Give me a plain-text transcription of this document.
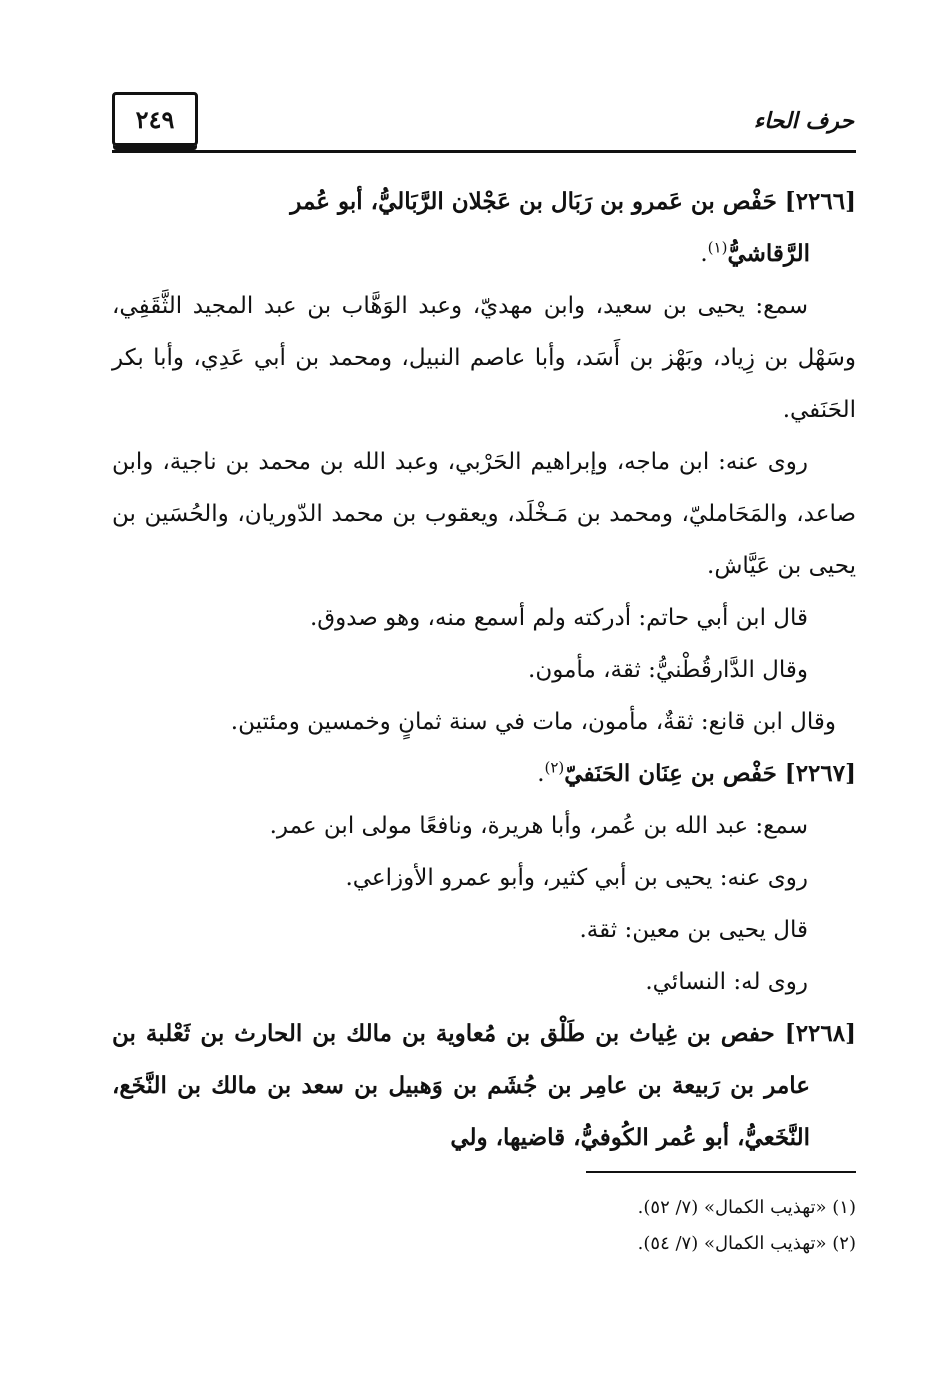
٢٤٩	حرف الحاء

[٢٢٦٦] حَفْص بن عَمرو بن رَبَال بن عَجْلان الرَّبَاليُّ، أبو عُمر

الرَّقاشيُّ$^{(١)}$.

سمع: يحيى بن سعيد، وابن مهديّ، وعبد الوَهَّاب بن عبد المجيد الثَّقَفِي، وسَهْل بن زِياد، وبَهْز بن أَسَد، وأبا عاصم النبيل، ومحمد بن أبي عَدِي، وأبا بكر الحَنَفي.

روى عنه: ابن ماجه، وإبراهيم الحَرْبي، وعبد الله بن محمد بن ناجية، وابن صاعد، والمَحَامليّ، ومحمد بن مَـخْلَد، ويعقوب بن محمد الدّوريان، والحُسَين بن يحيى بن عَيَّاش.

قال ابن أبي حاتم: أدركته ولم أسمع منه، وهو صدوق.

وقال الدَّارقُطْنيُّ: ثقة، مأمون.

وقال ابن قانع: ثقةٌ، مأمون، مات في سنة ثمانٍ وخمسين ومئتين.

[٢٢٦٧] حَفْص بن عِنَان الحَنَفيّ$^{(٢)}$.

سمع: عبد الله بن عُمر، وأبا هريرة، ونافعًا مولى ابن عمر.

روى عنه: يحيى بن أبي كثير، وأبو عمرو الأوزاعي.

قال يحيى بن معين: ثقة.

روى له: النسائي.

[٢٢٦٨] حفص بن غِياث بن طَلْق بن مُعاوية بن مالك بن الحارث بن ثَعْلبة بن عامر بن رَبيعة بن عامِر بن جُشَم بن وَهبيل بن سعد بن مالك بن النَّخَع، النَّخَعيُّ، أبو عُمر الكُوفيُّ، قاضيها، ولي

(١) «تهذيب الكمال» (٧/ ٥٢).

(٢) «تهذيب الكمال» (٧/ ٥٤).
